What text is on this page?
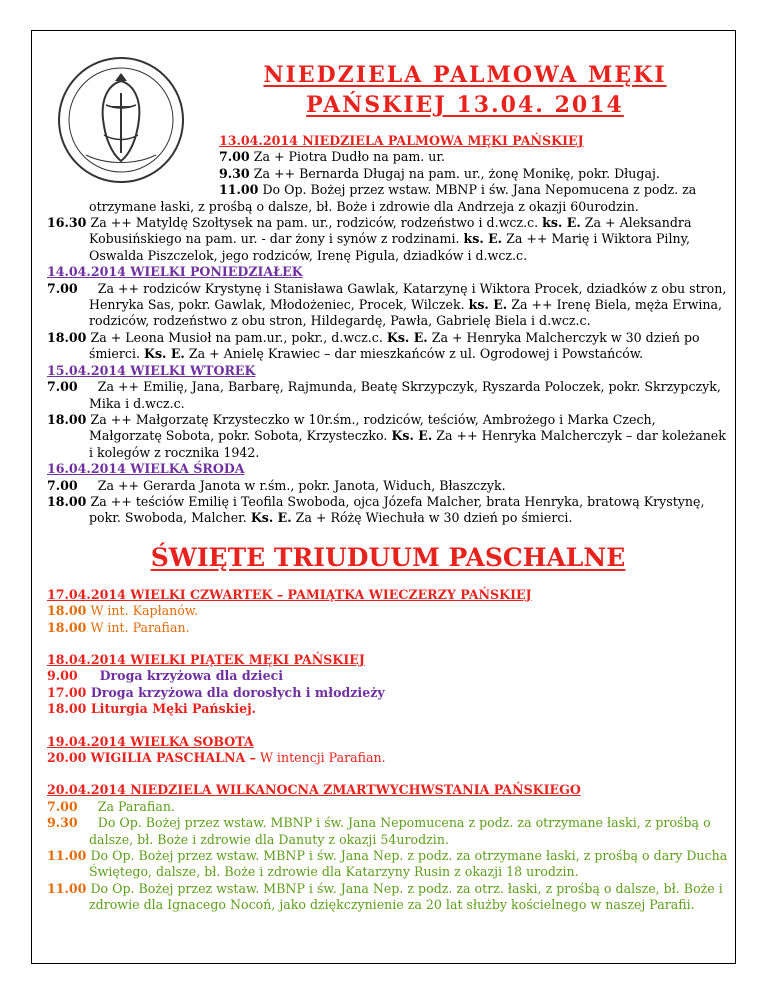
NIEDZIELA PALMOWA MĘKI
PAŃSKIEJ 13.04. 2014
13.04.2014 NIEDZIELA PALMOWA MĘKI PAŃSKIEJ
7.00 Za + Piotra Dudło na pam. ur.
9.30 Za ++ Bernarda Długaj na pam. ur., żonę Monikę, pokr. Długaj.
11.00 Do Op. Bożej przez wstaw. MBNP i św. Jana Nepomucena z podz. za otrzymane łaski, z prośbą o dalsze, bł. Boże i zdrowie dla Andrzeja z okazji 60urodzin.
16.30 Za ++ Matyldę Szołtysek na pam. ur., rodziców, rodzeństwo i d.wcz.c. ks. E. Za + Aleksandra Kobusińskiego na pam. ur. - dar żony i synów z rodzinami. ks. E. Za ++ Marię i Wiktora Pilny, Oswalda Piszczelok, jego rodziców, Irenę Pigula, dziadków i d.wcz.c.
14.04.2014 WIELKI PONIEDZIAŁEK
7.00 Za ++ rodziców Krystynę i Stanisława Gawlak, Katarzynę i Wiktora Procek, dziadków z obu stron, Henryka Sas, pokr. Gawlak, Młodożeniec, Procek, Wilczek. ks. E. Za ++ Irenę Biela, męża Erwina, rodziców, rodzeństwo z obu stron, Hildegardę, Pawła, Gabrielę Biela i d.wcz.c.
18.00 Za + Leona Musioł na pam.ur., pokr., d.wcz.c. Ks. E. Za + Henryka Malcherczyk w 30 dzień po śmierci. Ks. E. Za + Anielę Krawiec – dar mieszkańców z ul. Ogrodowej i Powstańców.
15.04.2014 WIELKI WTOREK
7.00 Za ++ Emilię, Jana, Barbarę, Rajmunda, Beatę Skrzypczyk, Ryszarda Poloczek, pokr. Skrzypczyk, Mika i d.wcz.c.
18.00 Za ++ Małgorzatę Krzysteczko w 10r.śm., rodziców, teściów, Ambrożego i Marka Czech, Małgorzatę Sobota, pokr. Sobota, Krzysteczko. Ks. E. Za ++ Henryka Malcherczyk – dar koleżanek i kolegów z rocznika 1942.
16.04.2014 WIELKA ŚRODA
7.00 Za ++ Gerarda Janota w r.śm., pokr. Janota, Widuch, Błaszczyk.
18.00 Za ++ teściów Emilię i Teofila Swoboda, ojca Józefa Malcher, brata Henryka, bratową Krystynę, pokr. Swoboda, Malcher. Ks. E. Za + Różę Wiechuła w 30 dzień po śmierci.
ŚWIĘTE TRIUDUUM PASCHALNE
17.04.2014 WIELKI CZWARTEK – PAMIĄTKA WIECZERZY PAŃSKIEJ
18.00 W int. Kapłanów.
18.00 W int. Parafian.
18.04.2014 WIELKI PIĄTEK MĘKI PAŃSKIEJ
9.00 Droga krzyżowa dla dzieci
17.00 Droga krzyżowa dla dorosłych i młodzieży
18.00 Liturgia Męki Pańskiej.
19.04.2014 WIELKA SOBOTA
20.00 WIGILIA PASCHALNA – W intencji Parafian.
20.04.2014 NIEDZIELA WILKANOCNA ZMARTWYCHWSTANIA PAŃSKIEGO
7.00 Za Parafian.
9.30 Do Op. Bożej przez wstaw. MBNP i św. Jana Nepomucena z podz. za otrzymane łaski, z prośbą o dalsze, bł. Boże i zdrowie dla Danuty z okazji 54urodzin.
11.00 Do Op. Bożej przez wstaw. MBNP i św. Jana Nep. z podz. za otrzymane łaski, z prośbą o dary Ducha Świętego, dalsze, bł. Boże i zdrowie dla Katarzyny Rusin z okazji 18 urodzin.
11.00 Do Op. Bożej przez wstaw. MBNP i św. Jana Nep. z podz. za otrz. łaski, z prośbą o dalsze, bł. Boże i zdrowie dla Ignacego Nocoń, jako dziękczynienie za 20 lat służby kościelnego w naszej Parafii.
